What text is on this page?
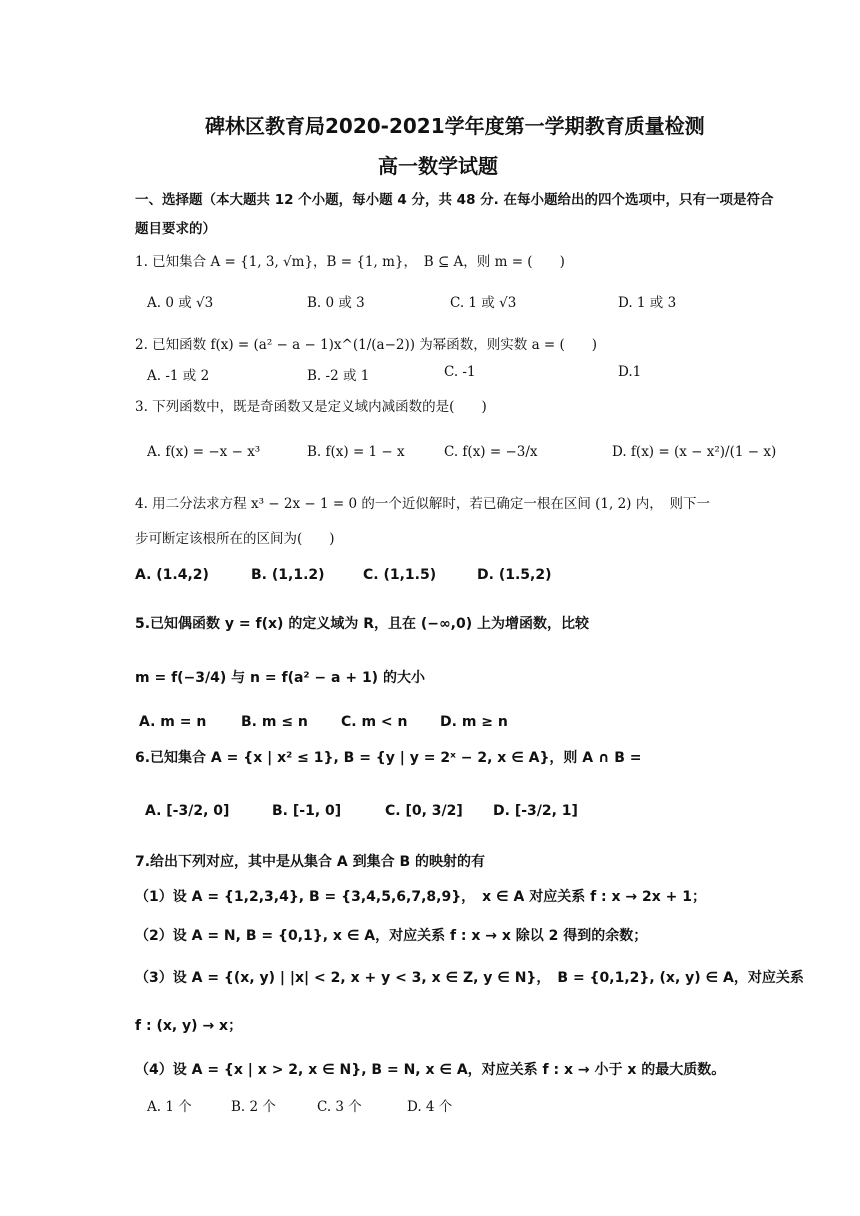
碑林区教育局2020-2021学年度第一学期教育质量检测
高一数学试题
一、选择题（本大题共 12 个小题，每小题 4 分，共 48 分. 在每小题给出的四个选项中，只有一项是符合
题目要求的）
1. 已知集合 A = {1, 3, √m}，B = {1, m}，　B ⊆ A，则 m = (　　)
A. 0 或 √3	B. 0 或 3	C. 1 或 √3	D. 1 或 3
2. 已知函数 f(x) = (a² − a − 1)x^(1/(a−2)) 为幂函数，则实数 a = (　　)
A. -1 或 2	B. -2 或 1	C. -1	D.1
3. 下列函数中，既是奇函数又是定义域内减函数的是(　　)
A. f(x) = −x − x³	B. f(x) = 1 − x	C. f(x) = −3/x	D. f(x) = (x − x²)/(1 − x)
4. 用二分法求方程 x³ − 2x − 1 = 0 的一个近似解时，若已确定一根在区间 (1, 2) 内，　则下一
步可断定该根所在的区间为(　　)
A. (1.4,2)	B. (1,1.2)	C. (1,1.5)	D. (1.5,2)
5.已知偶函数 y = f(x) 的定义域为 R，且在 (−∞,0) 上为增函数，比较
m = f(−3/4) 与 n = f(a² − a + 1) 的大小
A. m = n B. m ≤ n C. m < n D. m ≥ n
6.已知集合 A = {x | x² ≤ 1}, B = {y | y = 2ˣ − 2, x ∈ A}，则 A ∩ B =
A. [-3/2, 0]	B. [-1, 0]	C. [0, 3/2] D. [-3/2, 1]
7.给出下列对应，其中是从集合 A 到集合 B 的映射的有
（1）设 A = {1,2,3,4}, B = {3,4,5,6,7,8,9}，　x ∈ A 对应关系 f : x → 2x + 1；
（2）设 A = N, B = {0,1}, x ∈ A，对应关系 f : x → x 除以 2 得到的余数；
（3）设 A = {(x, y) | |x| < 2, x + y < 3, x ∈ Z, y ∈ N}，　B = {0,1,2}, (x, y) ∈ A，对应关系
f : (x, y) → x；
（4）设 A = {x | x > 2, x ∈ N}, B = N, x ∈ A，对应关系 f : x → 小于 x 的最大质数。
A. 1 个	B. 2 个	C. 3 个	D. 4 个
